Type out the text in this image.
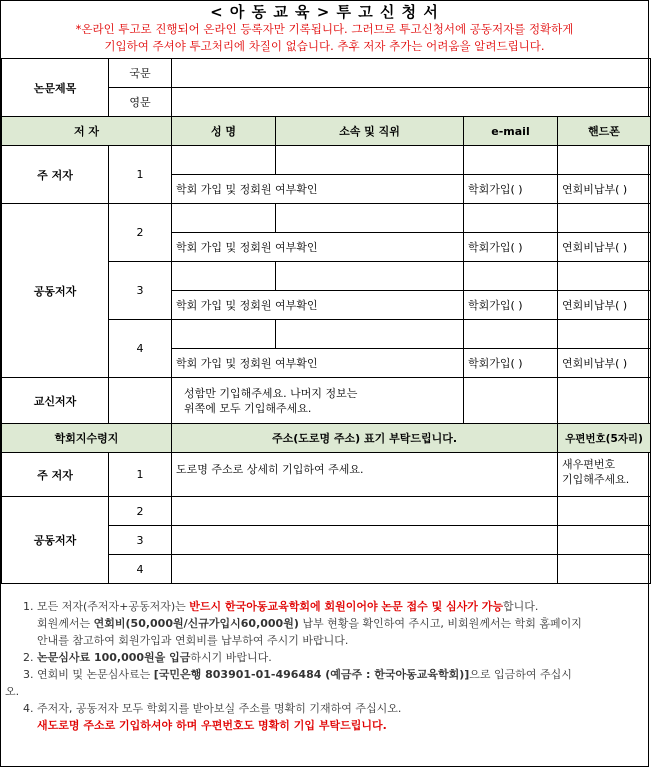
< 아 동 교 육 > 투 고 신 청 서
*온라인 투고로 진행되어 온라인 등록자만 기록됩니다. 그러므로 투고신청서에 공동저자를 정확하게
기입하여 주셔야 투고처리에 차질이 없습니다. 추후 저자 추가는 어려움을 알려드립니다.
논문제목	국문				
	영문				
저 자		성 명	소속 및 직위	e-mail	핸드폰
주 저자	1				
		학회 가입 및 정회원 여부확인		학회가입( )	연회비납부( )
공동저자	2				
		학회 가입 및 정회원 여부확인		학회가입( )	연회비납부( )
	3				
		학회 가입 및 정회원 여부확인		학회가입( )	연회비납부( )
	4				
		학회 가입 및 정회원 여부확인		학회가입( )	연회비납부( )
교신저자		성함만 기입해주세요. 나머지 정보는
위쪽에 모두 기입해주세요.			

학회지수령지		주소(도로명 주소) 표기 부탁드립니다.			우편번호(5자리)
주 저자	1	도로명 주소로 상세히 기입하여 주세요.			새우편번호
기입해주세요.

공동저자	2				
	3				
	4				

1. 모든 저자(주저자+공동저자)는 반드시 한국아동교육학회에 회원이어야 논문 접수 및 심사가 가능합니다.

회원께서는 연회비(50,000원/신규가입시60,000원) 납부 현황을 확인하여 주시고, 비회원께서는 학회 홈페이지

안내를 참고하여 회원가입과 연회비를 납부하여 주시기 바랍니다.

2. 논문심사료 100,000원을 입금하시기 바랍니다.

3. 연회비 및 논문심사료는 [국민은행 803901-01-496484 (예금주 : 한국아동교육학회)]으로 입금하여 주십시

오.

4. 주저자, 공동저자 모두 학회지를 받아보실 주소를 명확히 기재하여 주십시오.

새도로명 주소로 기입하셔야 하며 우편번호도 명확히 기입 부탁드립니다.
